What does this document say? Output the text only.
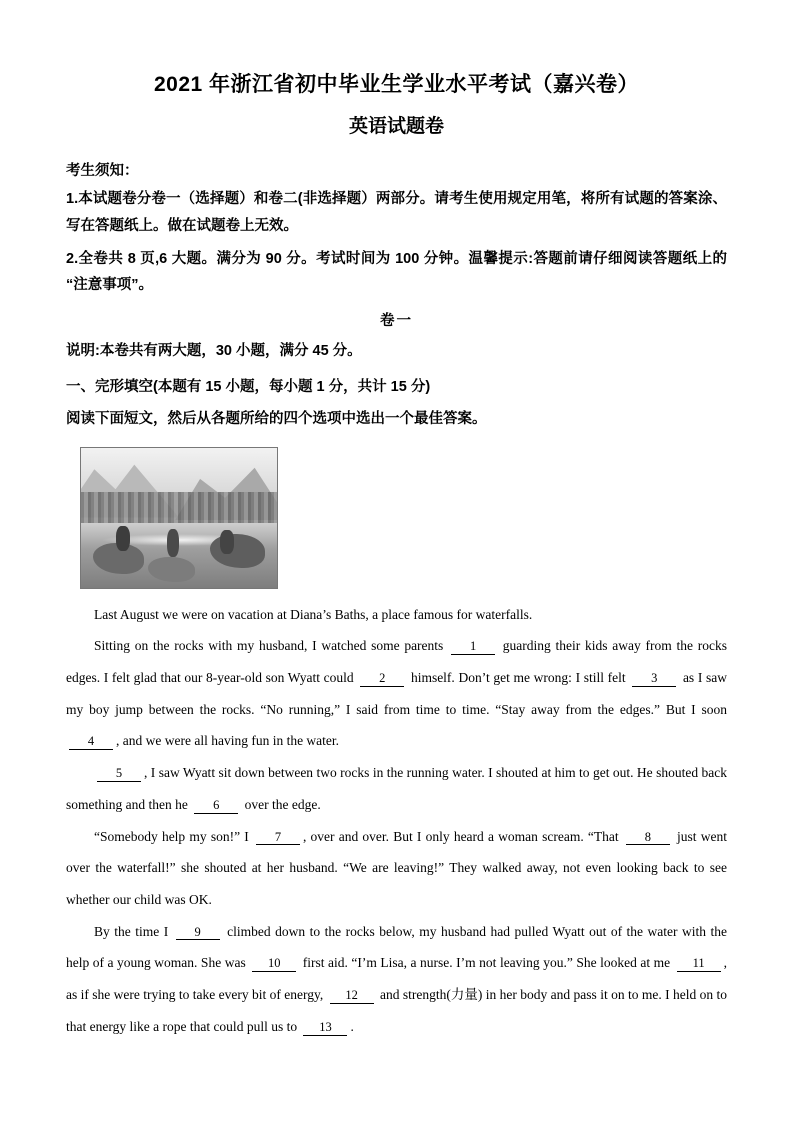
2021 年浙江省初中毕业生学业水平考试（嘉兴卷）
英语试题卷
考生须知：
1.本试题卷分卷一（选择题）和卷二(非选择题）两部分。请考生使用规定用笔，将所有试题的答案涂、写在答题纸上。做在试题卷上无效。
2.全卷共 8 页,6 大题。满分为 90 分。考试时间为 100 分钟。温馨提示:答题前请仔细阅读答题纸上的 “注意事项”。
卷一
说明:本卷共有两大题，30 小题，满分 45 分。
一、完形填空(本题有 15 小题，每小题 1 分，共计 15 分)
阅读下面短文，然后从各题所给的四个选项中选出一个最佳答案。

Last August we were on vacation at Diana’s Baths, a place famous for waterfalls.

Sitting on the rocks with my husband, I watched some parents 1 guarding their kids away from the rocks edges. I felt glad that our 8-year-old son Wyatt could 2 himself. Don’t get me wrong: I still felt 3 as I saw my boy jump between the rocks. “No running,” I said from time to time. “Stay away from the edges.” But I soon 4 , and we were all having fun in the water.

5 , I saw Wyatt sit down between two rocks in the running water. I shouted at him to get out. He shouted back something and then he 6 over the edge.

“Somebody help my son!” I 7 , over and over. But I only heard a woman scream. “That 8 just went over the waterfall!” she shouted at her husband. “We are leaving!” They walked away, not even looking back to see whether our child was OK.

By the time I 9 climbed down to the rocks below, my husband had pulled Wyatt out of the water with the help of a young woman. She was 10 first aid. “I’m Lisa, a nurse. I’m not leaving you.” She looked at me 11 , as if she were trying to take every bit of energy, 12 and strength(力量) in her body and pass it on to me. I held on to that energy like a rope that could pull us to 13 .
